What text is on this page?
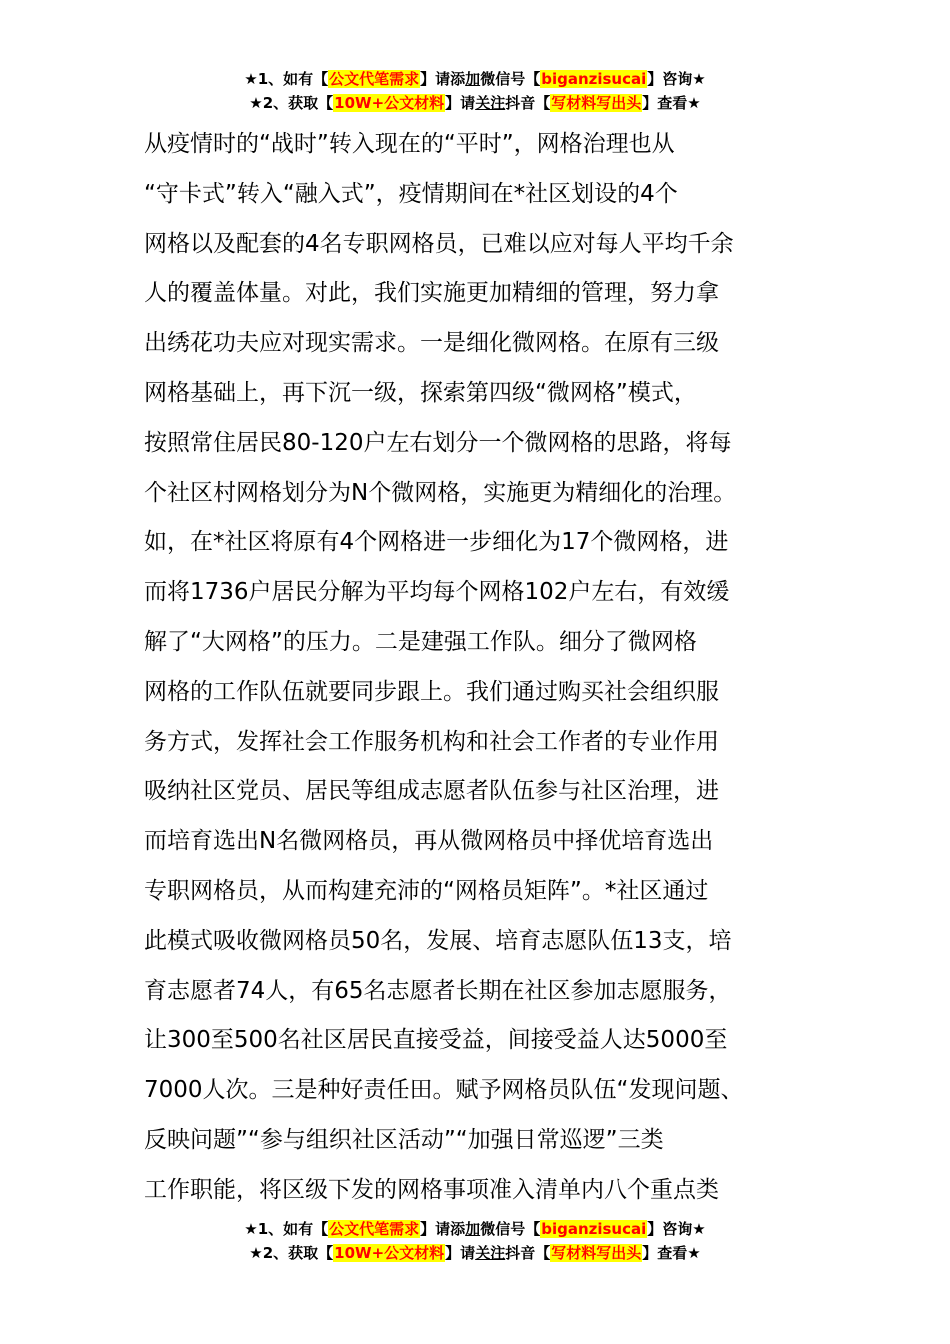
★1、如有【公文代笔需求】请添加微信号【biganzisucai】咨询★
★2、获取【10W+公文材料】请关注抖音【写材料写出头】查看★
从疫情时的“战时”转入现在的“平时”，网格治理也从
“守卡式”转入“融入式”，疫情期间在*社区划设的4个
网格以及配套的4名专职网格员，已难以应对每人平均千余
人的覆盖体量。对此，我们实施更加精细的管理，努力拿
出绣花功夫应对现实需求。一是细化微网格。在原有三级
网格基础上，再下沉一级，探索第四级“微网格”模式，
按照常住居民80-120户左右划分一个微网格的思路，将每
个社区村网格划分为N个微网格，实施更为精细化的治理。
如，在*社区将原有4个网格进一步细化为17个微网格，进
而将1736户居民分解为平均每个网格102户左右，有效缓
解了“大网格”的压力。二是建强工作队。细分了微网格
网格的工作队伍就要同步跟上。我们通过购买社会组织服
务方式，发挥社会工作服务机构和社会工作者的专业作用
吸纳社区党员、居民等组成志愿者队伍参与社区治理，进
而培育选出N名微网格员，再从微网格员中择优培育选出
专职网格员，从而构建充沛的“网格员矩阵”。*社区通过
此模式吸收微网格员50名，发展、培育志愿队伍13支，培
育志愿者74人，有65名志愿者长期在社区参加志愿服务，
让300至500名社区居民直接受益，间接受益人达5000至
7000人次。三是种好责任田。赋予网格员队伍“发现问题、
反映问题”“参与组织社区活动”“加强日常巡逻”三类
工作职能，将区级下发的网格事项准入清单内八个重点类
★1、如有【公文代笔需求】请添加微信号【biganzisucai】咨询★
★2、获取【10W+公文材料】请关注抖音【写材料写出头】查看★
